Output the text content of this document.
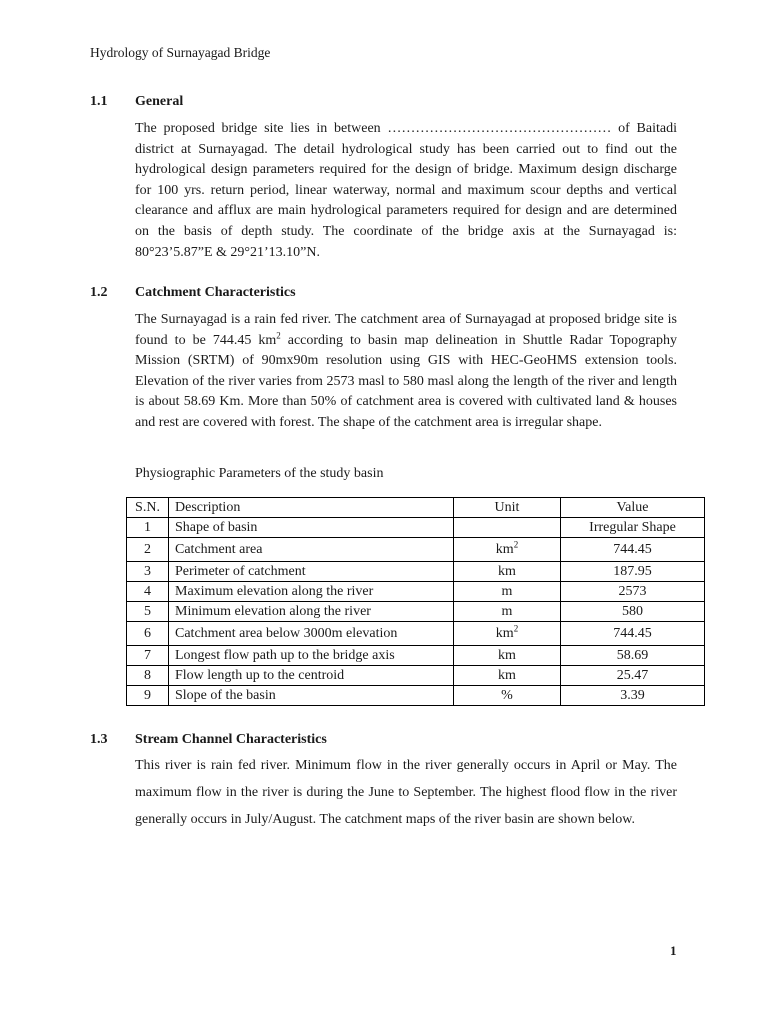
Hydrology of Surnayagad Bridge
1.1 General

The proposed bridge site lies in between ………………………………………… of Baitadi district at Surnayagad. The detail hydrological study has been carried out to find out the hydrological design parameters required for the design of bridge. Maximum design discharge for 100 yrs. return period, linear waterway, normal and maximum scour depths and vertical clearance and afflux are main hydrological parameters required for design and are determined on the basis of depth study. The coordinate of the bridge axis at the Surnayagad is: 80°23’5.87”E & 29°21’13.10”N.

1.2 Catchment Characteristics

The Surnayagad is a rain fed river. The catchment area of Surnayagad at proposed bridge site is found to be 744.45 $km^2$ according to basin map delineation in Shuttle Radar Topography Mission (SRTM) of 90mx90m resolution using GIS with HEC-GeoHMS extension tools. Elevation of the river varies from 2573 masl to 580 masl along the length of the river and length is about 58.69 Km. More than 50% of catchment area is covered with cultivated land & houses and rest are covered with forest. The shape of the catchment area is irregular shape.

Physiographic Parameters of the study basin
S.N.	Description	Unit	Value
1	Shape of basin		Irregular Shape
2	Catchment area	$km^2$	744.45
3	Perimeter of catchment	km	187.95
4	Maximum elevation along the river	m	2573
5	Minimum elevation along the river	m	580
6	Catchment area below 3000m elevation	$km^2$	744.45
7	Longest flow path up to the bridge axis	km	58.69
8	Flow length up to the centroid	km	25.47
9	Slope of the basin	%	3.39
1.3 Stream Channel Characteristics

This river is rain fed river. Minimum flow in the river generally occurs in April or May. The maximum flow in the river is during the June to September. The highest flood flow in the river generally occurs in July/August. The catchment maps of the river basin are shown below.

1
